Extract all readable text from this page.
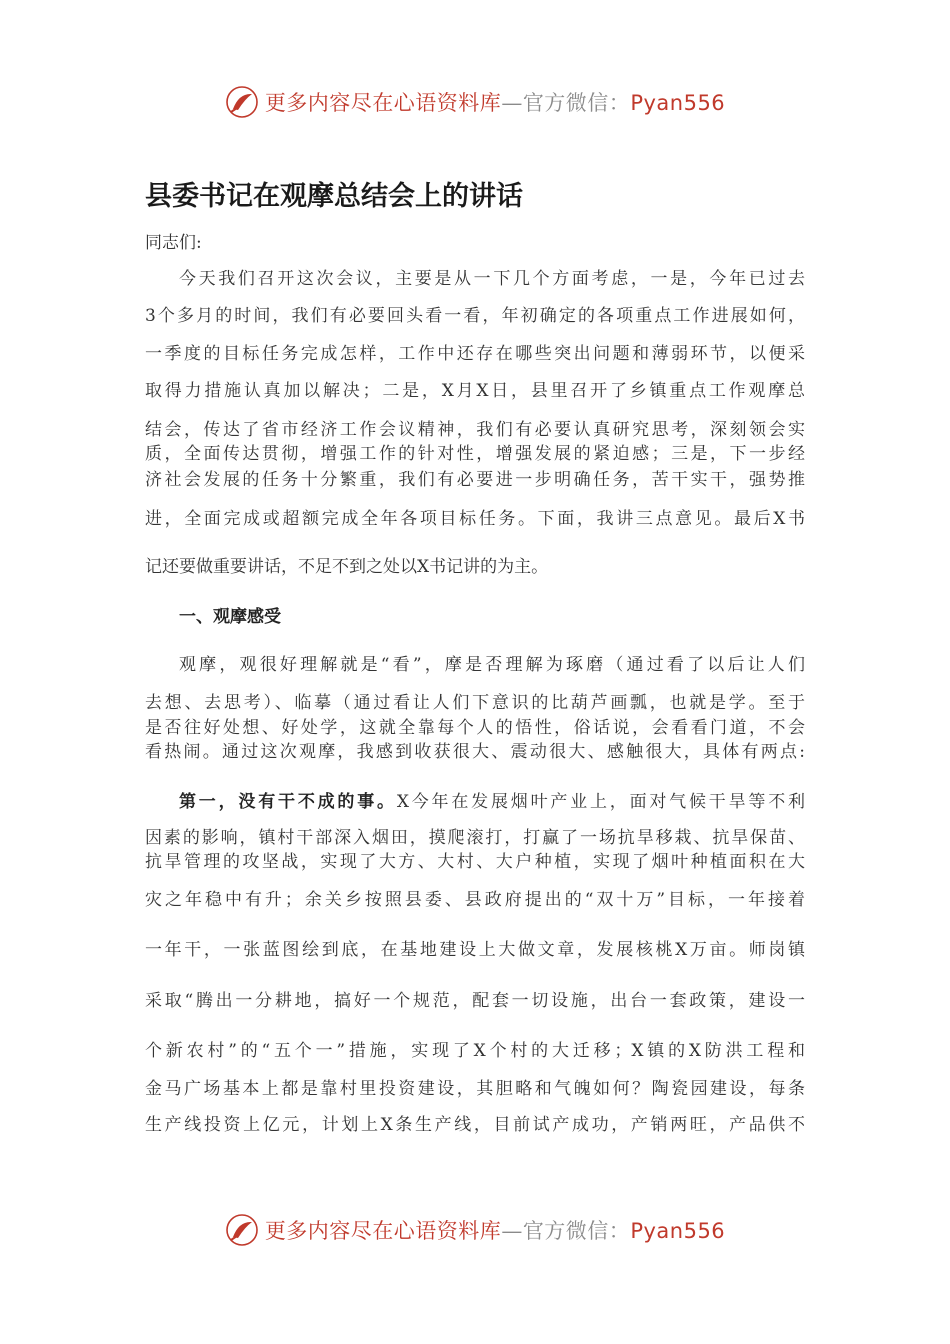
更多内容尽在心语资料库—官方微信：Pyan556
县委书记在观摩总结会上的讲话
同志们:
今天我们召开这次会议，主要是从一下几个方面考虑，一是，今年已过去
3个多月的时间，我们有必要回头看一看，年初确定的各项重点工作进展如何，
一季度的目标任务完成怎样，工作中还存在哪些突出问题和薄弱环节，以便采
取得力措施认真加以解决；二是，X月X日，县里召开了乡镇重点工作观摩总
结会，传达了省市经济工作会议精神，我们有必要认真研究思考，深刻领会实
质，全面传达贯彻，增强工作的针对性，增强发展的紧迫感；三是，下一步经
济社会发展的任务十分繁重，我们有必要进一步明确任务，苦干实干，强势推
进，全面完成或超额完成全年各项目标任务。下面，我讲三点意见。最后X书
记还要做重要讲话，不足不到之处以X书记讲的为主。
一、观摩感受
观摩，观很好理解就是“看”，摩是否理解为琢磨（通过看了以后让人们
去想、去思考）、临摹（通过看让人们下意识的比葫芦画瓢，也就是学。至于
是否往好处想、好处学，这就全靠每个人的悟性，俗话说，会看看门道，不会
看热闹。通过这次观摩，我感到收获很大、震动很大、感触很大，具体有两点:
第一，没有干不成的事。X今年在发展烟叶产业上，面对气候干旱等不利
因素的影响，镇村干部深入烟田，摸爬滚打，打赢了一场抗旱移栽、抗旱保苗、
抗旱管理的攻坚战，实现了大方、大村、大户种植，实现了烟叶种植面积在大
灾之年稳中有升；余关乡按照县委、县政府提出的“双十万”目标，一年接着
一年干，一张蓝图绘到底，在基地建设上大做文章，发展核桃X万亩。师岗镇
采取“腾出一分耕地，搞好一个规范，配套一切设施，出台一套政策，建设一
个新农村”的“五个一”措施，实现了X个村的大迁移；X镇的X防洪工程和
金马广场基本上都是靠村里投资建设，其胆略和气魄如何？陶瓷园建设，每条
生产线投资上亿元，计划上X条生产线，目前试产成功，产销两旺，产品供不
更多内容尽在心语资料库—官方微信：Pyan556
